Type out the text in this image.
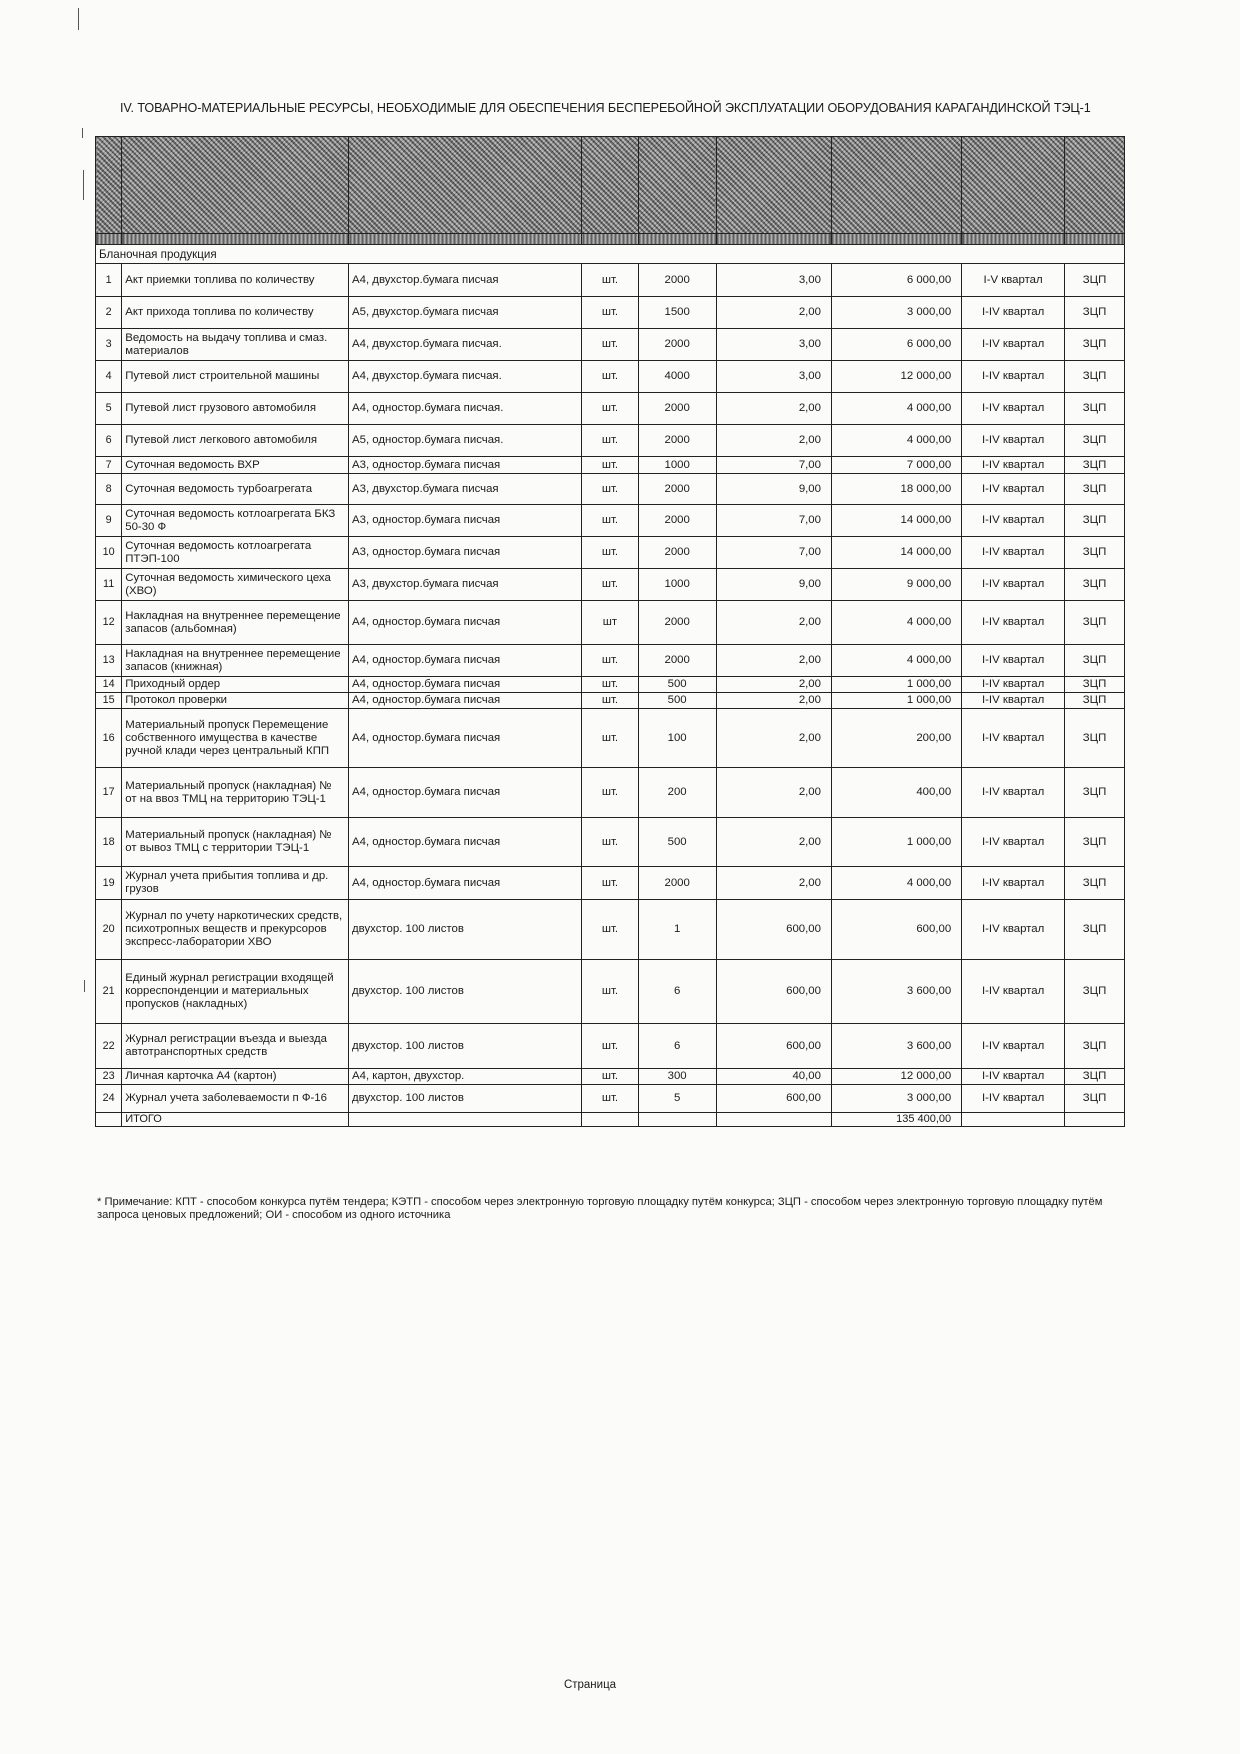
IV. ТОВАРНО-МАТЕРИАЛЬНЫЕ РЕСУРСЫ, НЕОБХОДИМЫЕ ДЛЯ ОБЕСПЕЧЕНИЯ БЕСПЕРЕБОЙНОЙ ЭКСПЛУАТАЦИИ ОБОРУДОВАНИЯ КАРАГАНДИНСКОЙ ТЭЦ-1

Бланочная продукция								
1	Акт приемки топлива по количеству	А4, двухстор.бумага писчая	шт.	2000	3,00	6 000,00	I-V квартал	ЗЦП
2	Акт прихода топлива по количеству	А5, двухстор.бумага писчая	шт.	1500	2,00	3 000,00	I-IV квартал	ЗЦП
3	Ведомость на выдачу топлива и смаз. материалов	А4, двухстор.бумага писчая.	шт.	2000	3,00	6 000,00	I-IV квартал	ЗЦП
4	Путевой лист строительной машины	А4, двухстор.бумага писчая.	шт.	4000	3,00	12 000,00	I-IV квартал	ЗЦП
5	Путевой лист грузового автомобиля	А4, одностор.бумага писчая.	шт.	2000	2,00	4 000,00	I-IV квартал	ЗЦП
6	Путевой лист легкового автомобиля	А5, одностор.бумага писчая.	шт.	2000	2,00	4 000,00	I-IV квартал	ЗЦП
7	Суточная ведомость ВХР	А3, одностор.бумага писчая	шт.	1000	7,00	7 000,00	I-IV квартал	ЗЦП
8	Суточная ведомость турбоагрегата	А3, двухстор.бумага писчая	шт.	2000	9,00	18 000,00	I-IV квартал	ЗЦП
9	Суточная ведомость котлоагрегата БКЗ 50-30 Ф	А3, одностор.бумага писчая	шт.	2000	7,00	14 000,00	I-IV квартал	ЗЦП
10	Суточная ведомость котлоагрегата ПТЭП-100	А3, одностор.бумага писчая	шт.	2000	7,00	14 000,00	I-IV квартал	ЗЦП
11	Суточная ведомость химического цеха (ХВО)	А3, двухстор.бумага писчая	шт.	1000	9,00	9 000,00	I-IV квартал	ЗЦП
12	Накладная на внутреннее перемещение запасов (альбомная)	А4, одностор.бумага писчая	шт	2000	2,00	4 000,00	I-IV квартал	ЗЦП
13	Накладная на внутреннее перемещение запасов (книжная)	А4, одностор.бумага писчая	шт.	2000	2,00	4 000,00	I-IV квартал	ЗЦП
14	Приходный ордер	А4, одностор.бумага писчая	шт.	500	2,00	1 000,00	I-IV квартал	ЗЦП
15	Протокол проверки	А4, одностор.бумага писчая	шт.	500	2,00	1 000,00	I-IV квартал	ЗЦП
16	Материальный пропуск Перемещение собственного имущества в качестве ручной клади через центральный КПП	А4, одностор.бумага писчая	шт.	100	2,00	200,00	I-IV квартал	ЗЦП
17	Материальный пропуск (накладная) № от на ввоз ТМЦ на территорию ТЭЦ-1	А4, одностор.бумага писчая	шт.	200	2,00	400,00	I-IV квартал	ЗЦП
18	Материальный пропуск (накладная) № от вывоз ТМЦ с территории ТЭЦ-1	А4, одностор.бумага писчая	шт.	500	2,00	1 000,00	I-IV квартал	ЗЦП
19	Журнал учета прибытия топлива и др. грузов	А4, одностор.бумага писчая	шт.	2000	2,00	4 000,00	I-IV квартал	ЗЦП
20	Журнал по учету наркотических средств, психотропных веществ и прекурсоров экспресс-лаборатории ХВО	двухстор. 100 листов	шт.	1	600,00	600,00	I-IV квартал	ЗЦП
21	Единый журнал регистрации входящей корреспонденции и материальных пропусков (накладных)	двухстор. 100 листов	шт.	6	600,00	3 600,00	I-IV квартал	ЗЦП
22	Журнал регистрации въезда и выезда автотранспортных средств	двухстор. 100 листов	шт.	6	600,00	3 600,00	I-IV квартал	ЗЦП
23	Личная карточка А4 (картон)	А4, картон, двухстор.	шт.	300	40,00	12 000,00	I-IV квартал	ЗЦП
24	Журнал учета заболеваемости п Ф-16	двухстор. 100 листов	шт.	5	600,00	3 000,00	I-IV квартал	ЗЦП
	ИТОГО					135 400,00		
* Примечание: КПТ - способом конкурса путём тендера; КЭТП - способом через электронную торговую площадку путём конкурса; ЗЦП - способом через электронную торговую площадку путём запроса ценовых предложений; ОИ - способом из одного источника
Страница
